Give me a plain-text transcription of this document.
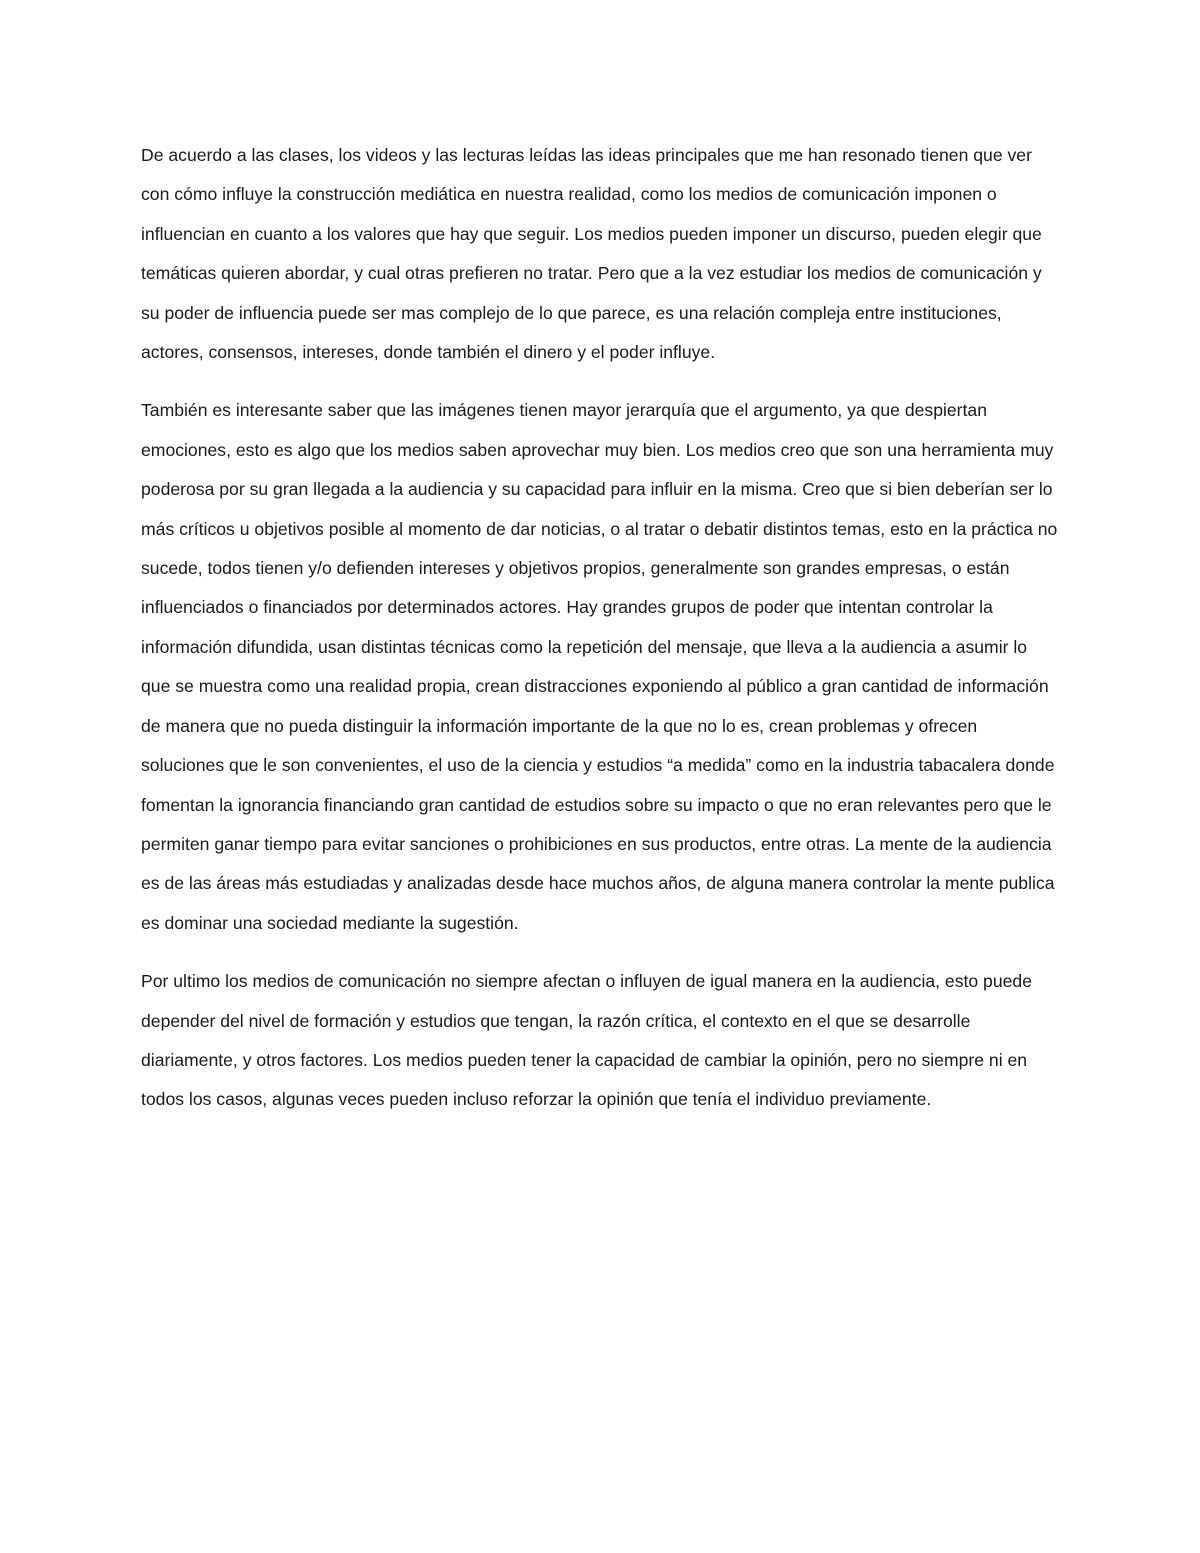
De acuerdo a las clases, los videos y las lecturas leídas las ideas principales que me han resonado tienen que ver con cómo influye la construcción mediática en nuestra realidad, como los medios de comunicación imponen o influencian en cuanto a los valores que hay que seguir. Los medios pueden imponer un discurso, pueden elegir que temáticas quieren abordar, y cual otras prefieren no tratar. Pero que a la vez estudiar los medios de comunicación y su poder de influencia puede ser mas complejo de lo que parece, es una relación compleja entre instituciones, actores, consensos, intereses, donde también el dinero y el poder influye.

También es interesante saber que las imágenes tienen mayor jerarquía que el argumento, ya que despiertan emociones, esto es algo que los medios saben aprovechar muy bien. Los medios creo que son una herramienta muy poderosa por su gran llegada a la audiencia y su capacidad para influir en la misma. Creo que si bien deberían ser lo más críticos u objetivos posible al momento de dar noticias, o al tratar o debatir distintos temas, esto en la práctica no sucede, todos tienen y/o defienden intereses y objetivos propios, generalmente son grandes empresas, o están influenciados o financiados por determinados actores. Hay grandes grupos de poder que intentan controlar la información difundida, usan distintas técnicas como la repetición del mensaje, que lleva a la audiencia a asumir lo que se muestra como una realidad propia, crean distracciones exponiendo al público a gran cantidad de información de manera que no pueda distinguir la información importante de la que no lo es, crean problemas y ofrecen soluciones que le son convenientes, el uso de la ciencia y estudios “a medida” como en la industria tabacalera donde fomentan la ignorancia financiando gran cantidad de estudios sobre su impacto o que no eran relevantes pero que le permiten ganar tiempo para evitar sanciones o prohibiciones en sus productos, entre otras. La mente de la audiencia es de las áreas más estudiadas y analizadas desde hace muchos años, de alguna manera controlar la mente publica es dominar una sociedad mediante la sugestión.

Por ultimo los medios de comunicación no siempre afectan o influyen de igual manera en la audiencia, esto puede depender del nivel de formación y estudios que tengan, la razón crítica, el contexto en el que se desarrolle diariamente, y otros factores. Los medios pueden tener la capacidad de cambiar la opinión, pero no siempre ni en todos los casos, algunas veces pueden incluso reforzar la opinión que tenía el individuo previamente.
